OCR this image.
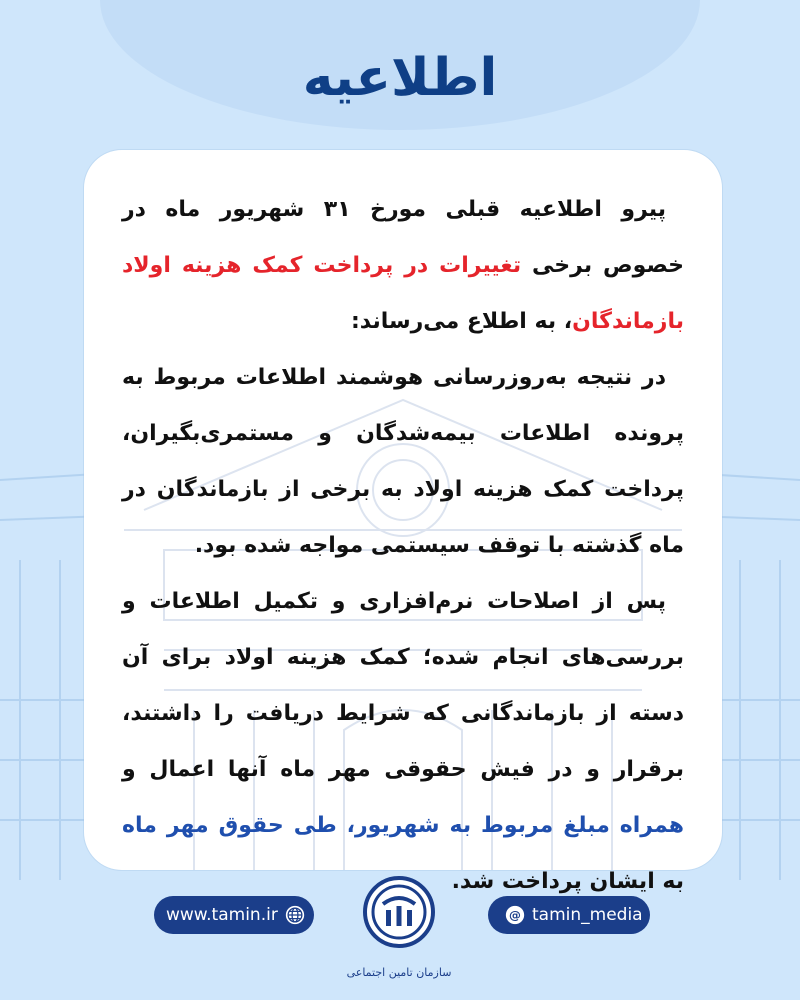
اطلاعیه

پیرو اطلاعیه قبلی مورخ ۳۱ شهریور ماه در خصوص برخی تغییرات در پرداخت کمک هزینه اولاد بازماندگان، به اطلاع می‌رساند:

در نتیجه به‌روزرسانی هوشمند اطلاعات مربوط به پرونده اطلاعات بیمه‌شدگان و مستمری‌بگیران، پرداخت کمک هزینه اولاد به برخی از بازماندگان در ماه گذشته با توقف سیستمی مواجه شده بود.

پس از اصلاحات نرم‌افزاری و تکمیل اطلاعات و بررسی‌های انجام شده؛ کمک هزینه اولاد برای آن دسته از بازماندگانی که شرایط دریافت را داشتند، برقرار و در فیش حقوقی مهر ماه آنها اعمال و همراه مبلغ مربوط به شهریور، طی حقوق مهر ماه به ایشان پرداخت شد.

www.tamin.ir	@ tamin_media
سازمان تامین اجتماعی
